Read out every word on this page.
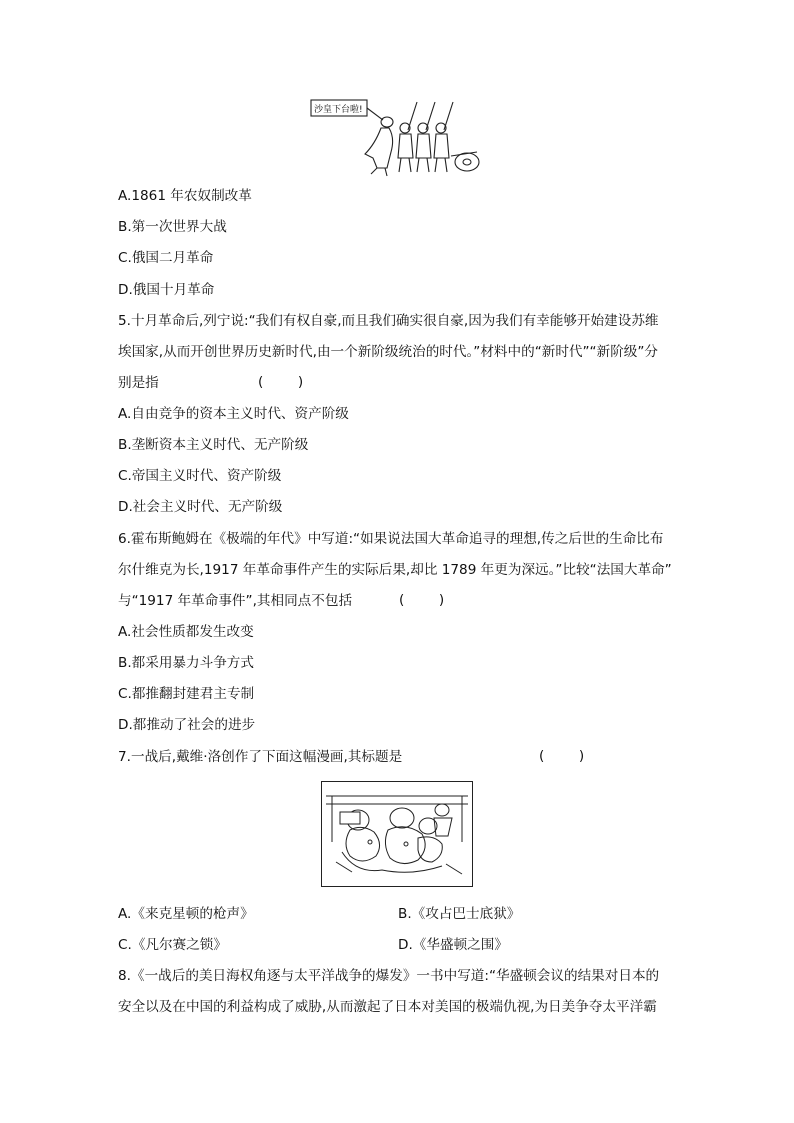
沙皇下台啦!
A.1861 年农奴制改革
B.第一次世界大战
C.俄国二月革命
D.俄国十月革命
5.十月革命后,列宁说:“我们有权自豪,而且我们确实很自豪,因为我们有幸能够开始建设苏维
埃国家,从而开创世界历史新时代,由一个新阶级统治的时代。”材料中的“新时代”“新阶级”分
别是指	(        )
A.自由竞争的资本主义时代、资产阶级
B.垄断资本主义时代、无产阶级
C.帝国主义时代、资产阶级
D.社会主义时代、无产阶级
6.霍布斯鲍姆在《极端的年代》中写道:“如果说法国大革命追寻的理想,传之后世的生命比布
尔什维克为长,1917 年革命事件产生的实际后果,却比 1789 年更为深远。”比较“法国大革命”
与“1917 年革命事件”,其相同点不包括	(        )
A.社会性质都发生改变
B.都采用暴力斗争方式
C.都推翻封建君主专制
D.都推动了社会的进步
7.一战后,戴维·洛创作了下面这幅漫画,其标题是	(        )
A.《来克星顿的枪声》	B.《攻占巴士底狱》
C.《凡尔赛之锁》	D.《华盛顿之围》
8.《一战后的美日海权角逐与太平洋战争的爆发》一书中写道:“华盛顿会议的结果对日本的
安全以及在中国的利益构成了威胁,从而激起了日本对美国的极端仇视,为日美争夺太平洋霸
